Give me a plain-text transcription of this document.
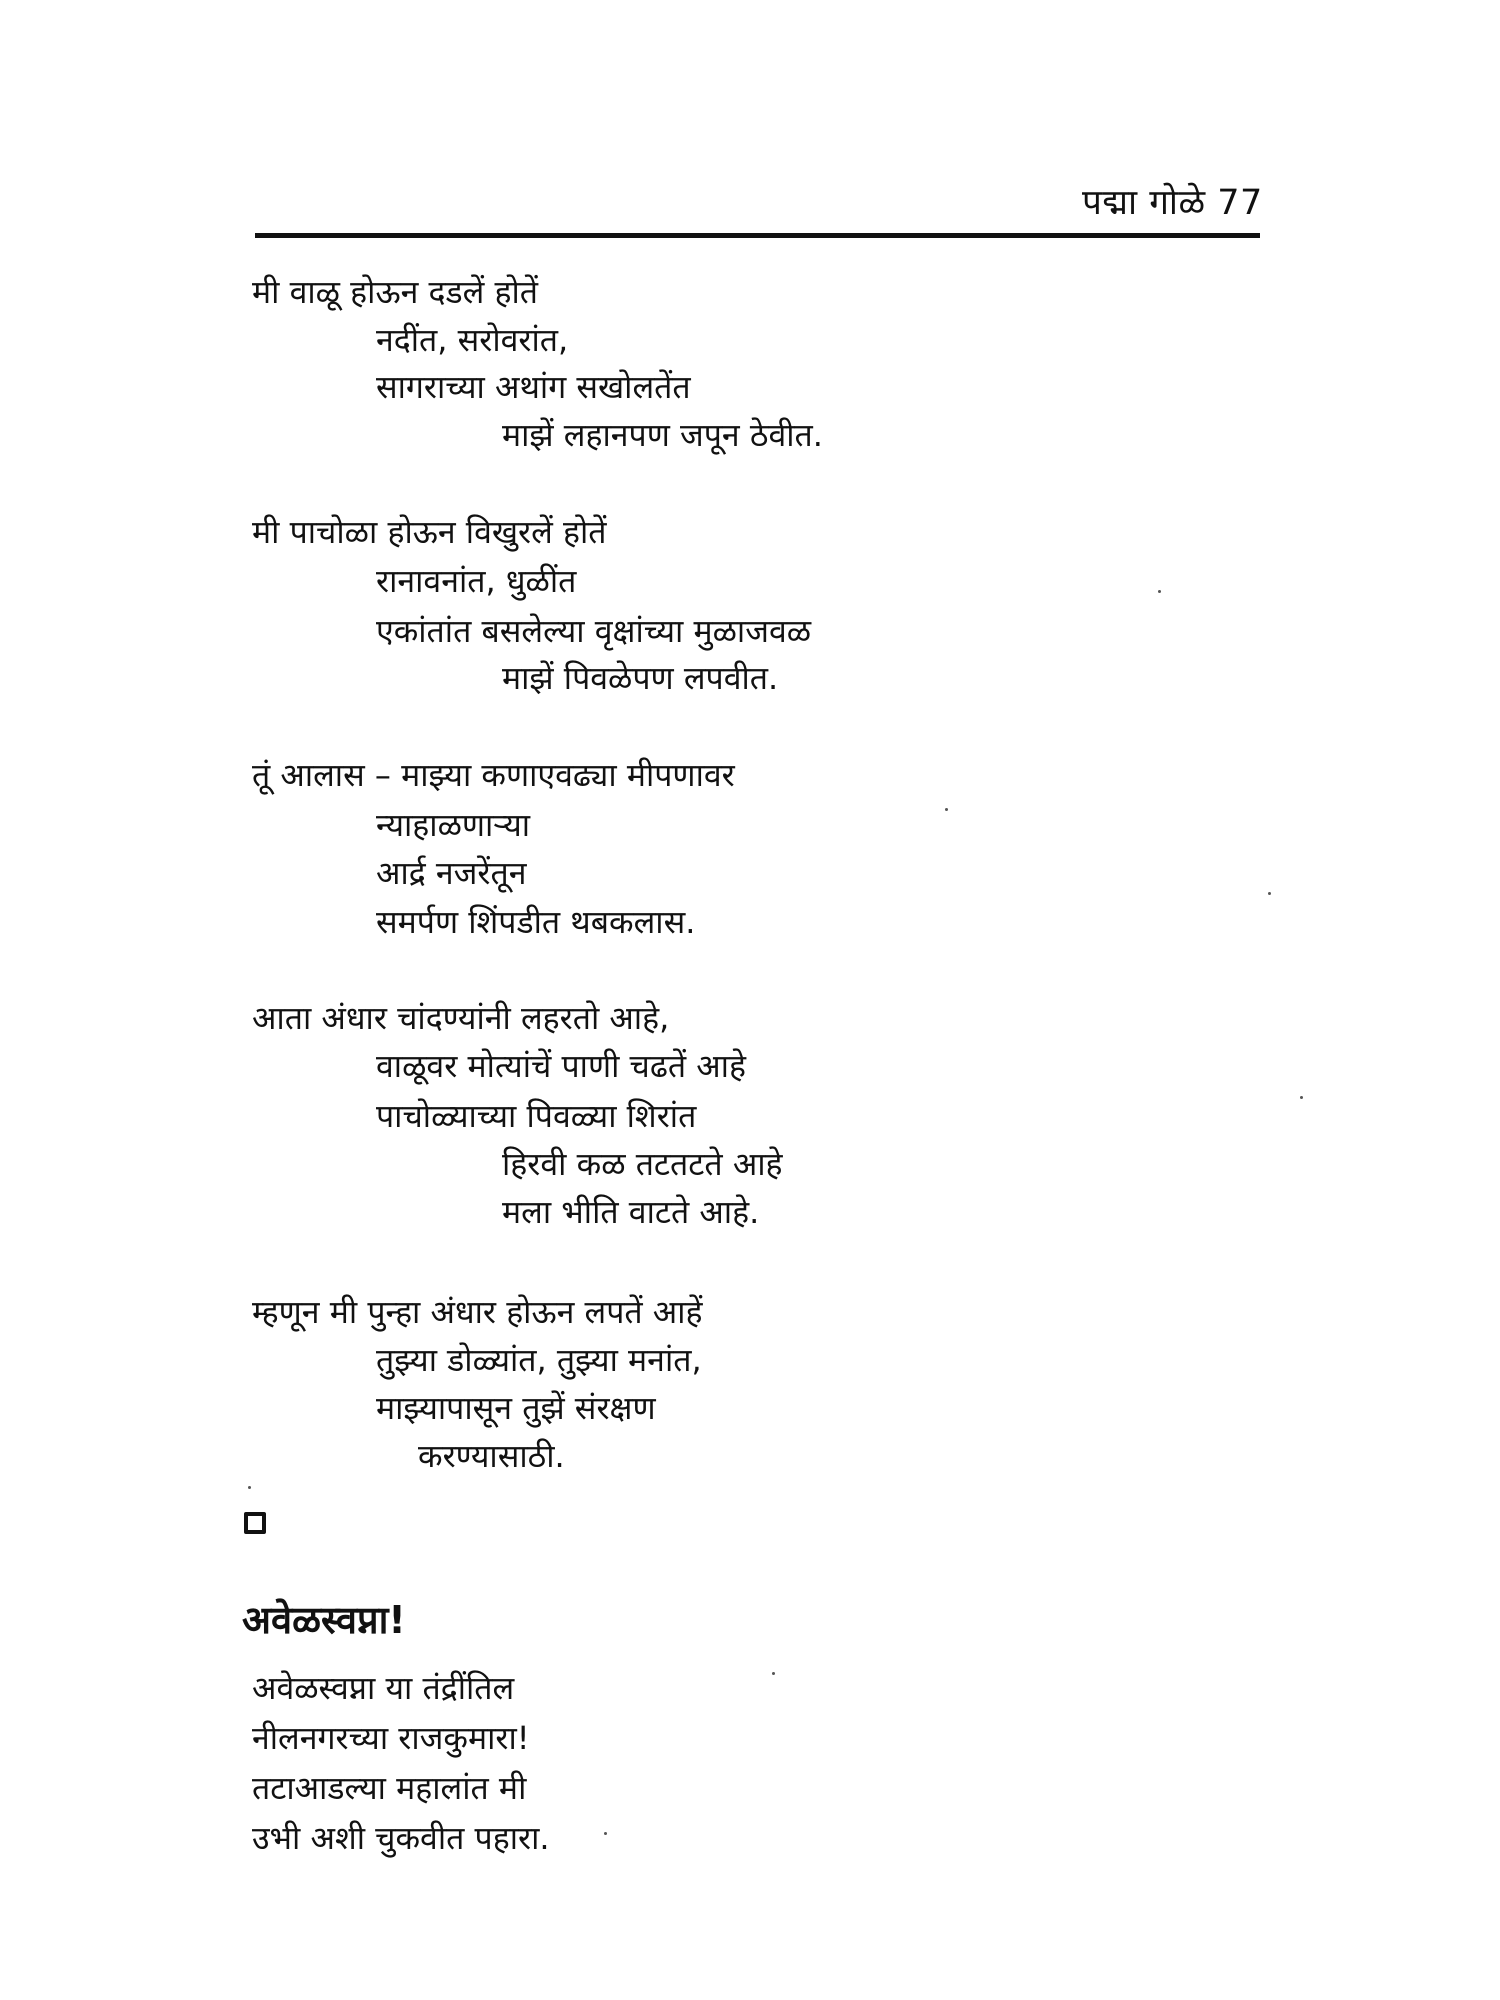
पद्मा गोळे 77
मी वाळू होऊन दडलें होतें
नदींत, सरोवरांत,
सागराच्या अथांग सखोलतेंत
माझें लहानपण जपून ठेवीत.
मी पाचोळा होऊन विखुरलें होतें
रानावनांत, धुळींत
एकांतांत बसलेल्या वृक्षांच्या मुळाजवळ
माझें पिवळेपण लपवीत.
तूं आलास – माझ्या कणाएवढ्या मीपणावर
न्याहाळणाऱ्या
आर्द्र नजरेंतून
समर्पण शिंपडीत थबकलास.
आता अंधार चांदण्यांनी लहरतो आहे,
वाळूवर मोत्यांचें पाणी चढतें आहे
पाचोळ्याच्या पिवळ्या शिरांत
हिरवी कळ तटतटते आहे
मला भीति वाटते आहे.
म्हणून मी पुन्हा अंधार होऊन लपतें आहें
तुझ्या डोळ्यांत, तुझ्या मनांत,
माझ्यापासून तुझें संरक्षण
करण्यासाठी.
अवेळस्वप्ना!
अवेळस्वप्ना या तंद्रींतिल
नीलनगरच्या राजकुमारा!
तटाआडल्या महालांत मी
उभी अशी चुकवीत पहारा.
